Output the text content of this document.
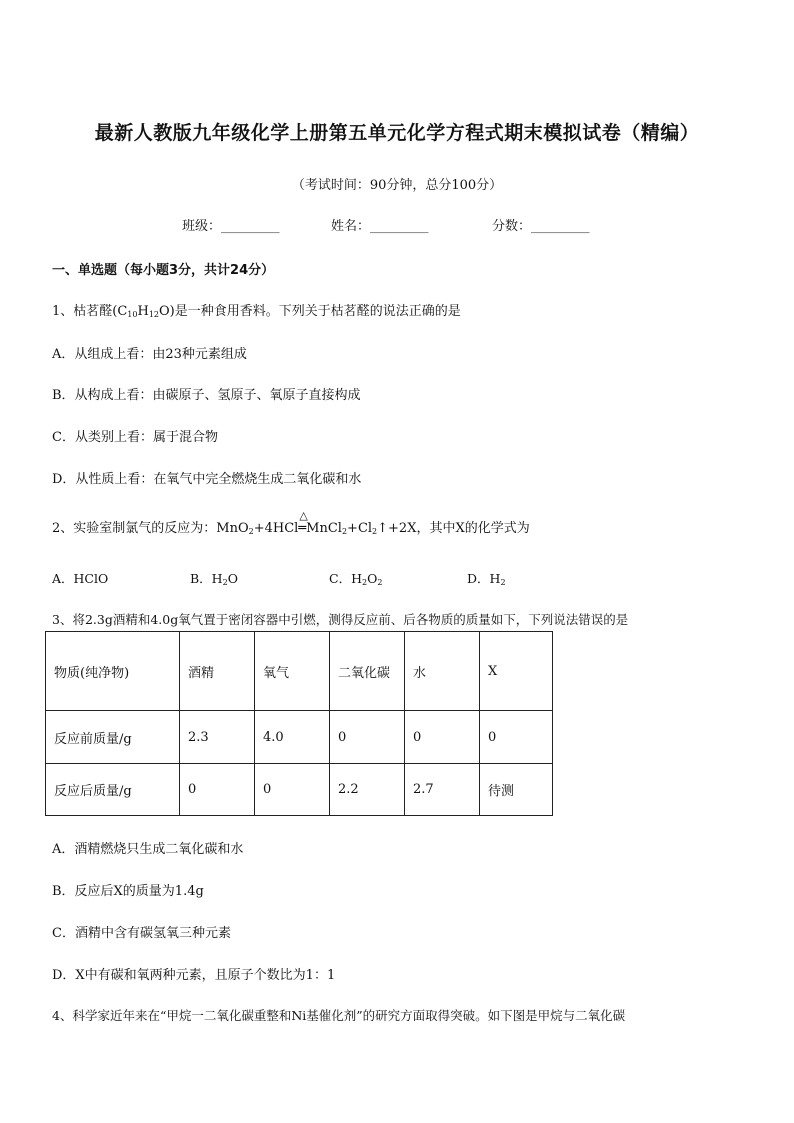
最新人教版九年级化学上册第五单元化学方程式期末模拟试卷（精编）
（考试时间：90分钟，总分100分）
班级：_________	姓名：_________	分数：_________
一、单选题（每小题3分，共计24分）
1、枯茗醛$(C_{10}H_{12}O)$是一种食用香料。下列关于枯茗醛的说法正确的是
A．从组成上看：由23种元素组成
B．从构成上看：由碳原子、氢原子、氧原子直接构成
C．从类别上看：属于混合物
D．从性质上看：在氧气中完全燃烧生成二氧化碳和水
2、实验室制氯气的反应为：MnO$_2$+4HCl
△
$═MnCl_2+Cl_2↑+2X$，其中X的化学式为
A．HClO	B．$H_2O$	C．$H_2O_2$	D．$H_2$
3、将2.3g酒精和4.0g氧气置于密闭容器中引燃，测得反应前、后各物质的质量如下，下列说法错误的是
物质(纯净物)	酒精	氧气	二氧化碳	水	X
反应前质量/g	2.3	4.0	0	0	0
反应后质量/g	0	0	2.2	2.7	待测
A．酒精燃烧只生成二氧化碳和水
B．反应后X的质量为1.4g
C．酒精中含有碳氢氧三种元素
D．X中有碳和氧两种元素，且原子个数比为1：1
4、科学家近年来在“甲烷一二氧化碳重整和Ni基催化剂”的研究方面取得突破。如下图是甲烷与二氧化碳
